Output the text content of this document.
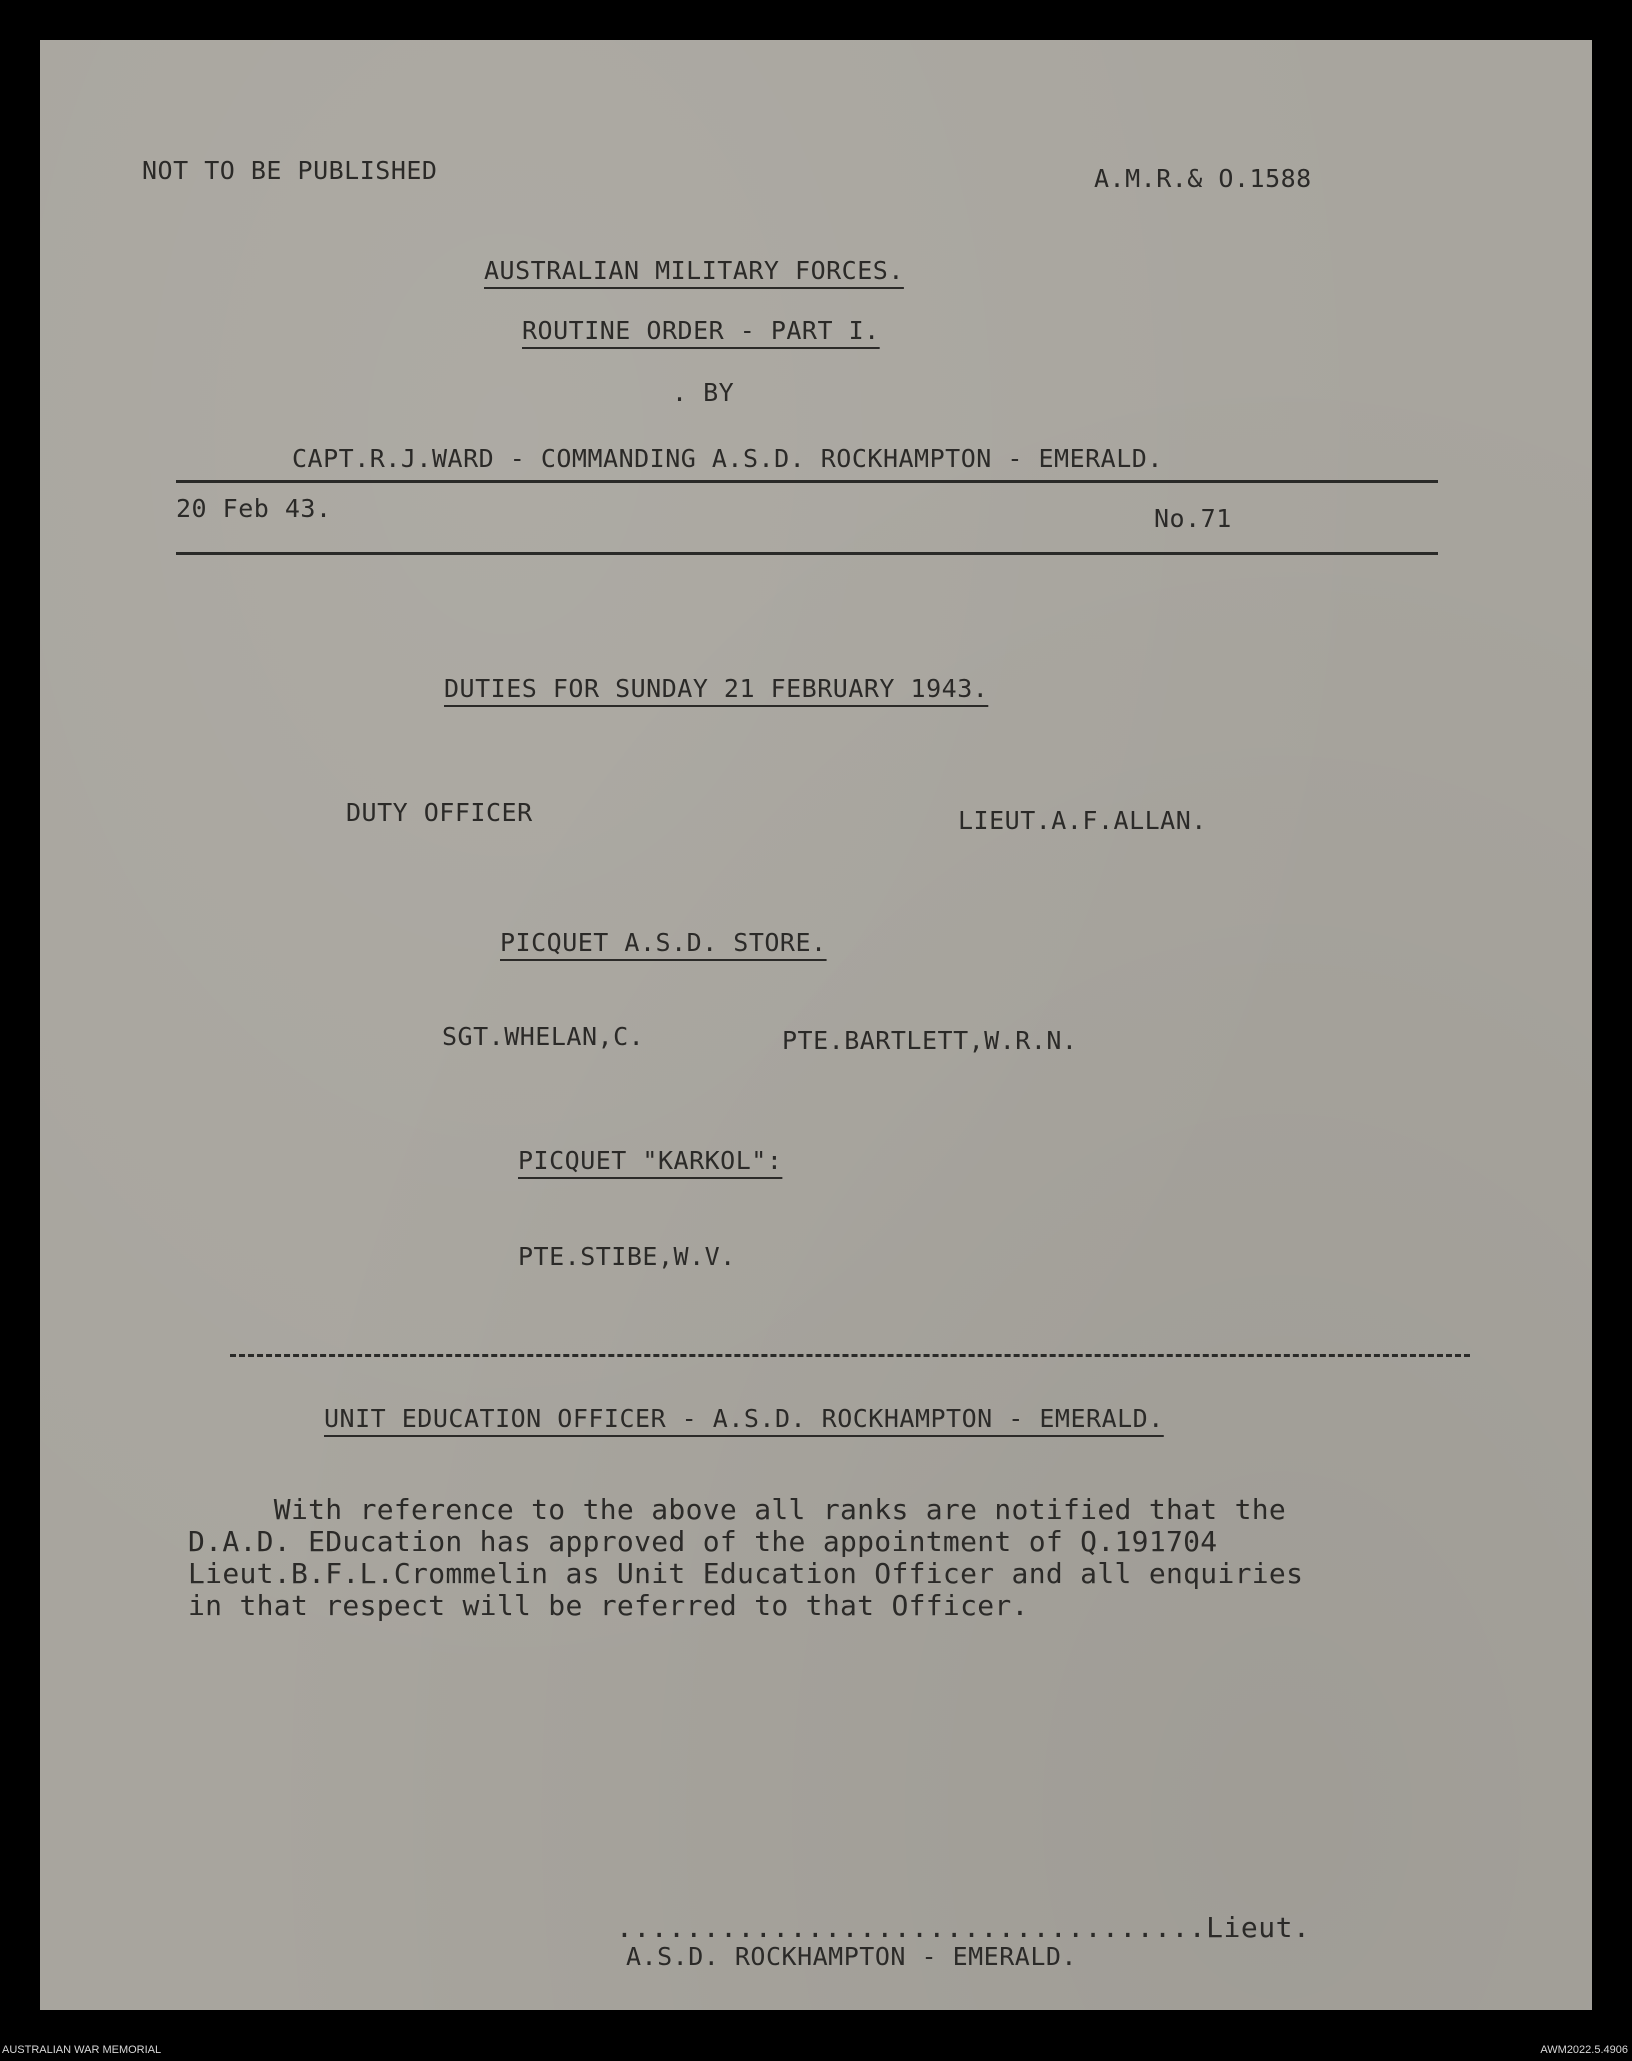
NOT TO BE PUBLISHED	A.M.R.& O.1588
AUSTRALIAN MILITARY FORCES.
ROUTINE ORDER - PART I.
. BY
CAPT.R.J.WARD - COMMANDING A.S.D. ROCKHAMPTON - EMERALD.
20 Feb 43.	No.71
DUTIES FOR SUNDAY 21 FEBRUARY 1943.
DUTY OFFICER	LIEUT.A.F.ALLAN.
PICQUET A.S.D. STORE.
SGT.WHELAN,C.	PTE.BARTLETT,W.R.N.
PICQUET "KARKOL":
PTE.STIBE,W.V.
UNIT EDUCATION OFFICER - A.S.D. ROCKHAMPTON - EMERALD.
With reference to the above all ranks are notified that the
D.A.D. EDucation has approved of the appointment of Q.191704
Lieut.B.F.L.Crommelin as Unit Education Officer and all enquiries
in that respect will be referred to that Officer.
..................................Lieut.
A.S.D. ROCKHAMPTON - EMERALD.
AUSTRALIAN WAR MEMORIAL	AWM2022.5.4906
